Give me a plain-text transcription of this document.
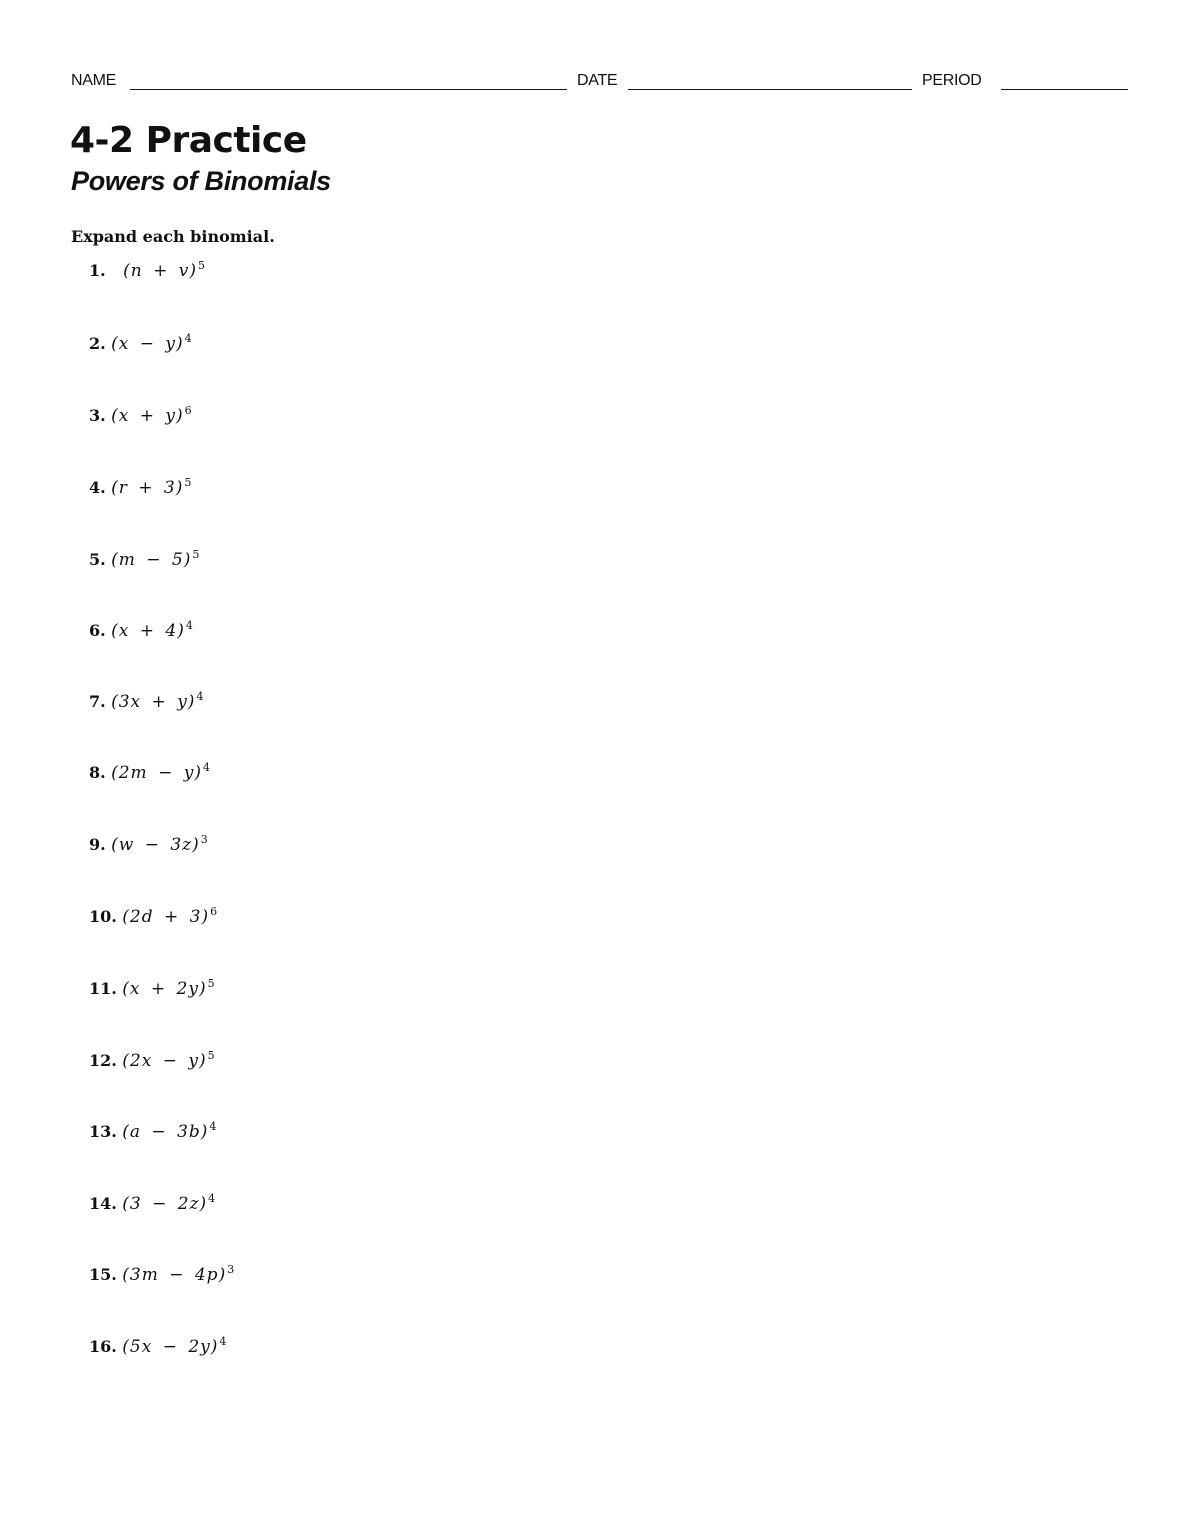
NAME	DATE	PERIOD
4-2 Practice
Powers of Binomials

Expand each binomial.

1. $(n + v)^5$
2. $(x - y)^4$
3. $(x + y)^6$
4. $(r + 3)^5$
5. $(m - 5)^5$
6. $(x + 4)^4$
7. $(3x + y)^4$
8. $(2m - y)^4$
9. $(w - 3z)^3$
10. $(2d + 3)^6$
11. $(x + 2y)^5$
12. $(2x - y)^5$
13. $(a - 3b)^4$
14. $(3 - 2z)^4$
15. $(3m - 4p)^3$
16. $(5x - 2y)^4$
